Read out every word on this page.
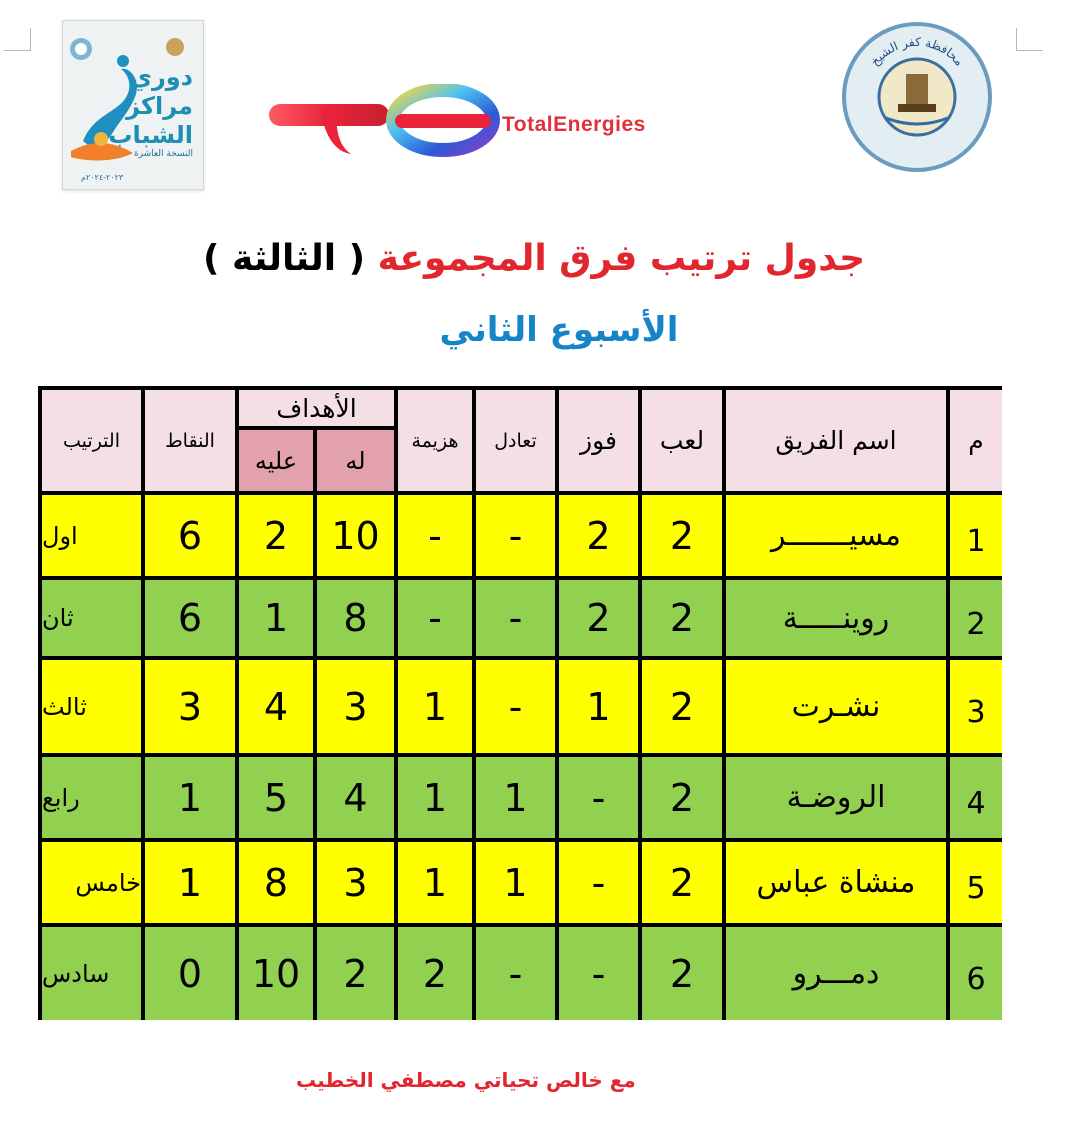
دوري
مراكز
الشباب
النسخة العاشرة
٢٠٢٣-٢٠٢٤م
TotalEnergies
محافظة كفر الشيخ
جدول ترتيب فرق المجموعة ( الثالثة )
الأسبوع الثاني
م
اسم الفريق
لعب
فوز
تعادل
هزيمة
الأهداف
له
عليه
النقاط
الترتيب
1
مسيـــــــر
2
2
-
-
10
2
6
اول
2
روينـــــة
2
2
-
-
8
1
6
ثان
3
نشـرت
2
1
-
1
3
4
3
ثالث
4
الروضـة
2
-
1
1
4
5
1
رابع
5
منشاة عباس
2
-
1
1
3
8
1
خامس
6
دمـــرو
2
-
-
2
2
10
0
سادس
مع خالص تحياتي مصطفي الخطيب
